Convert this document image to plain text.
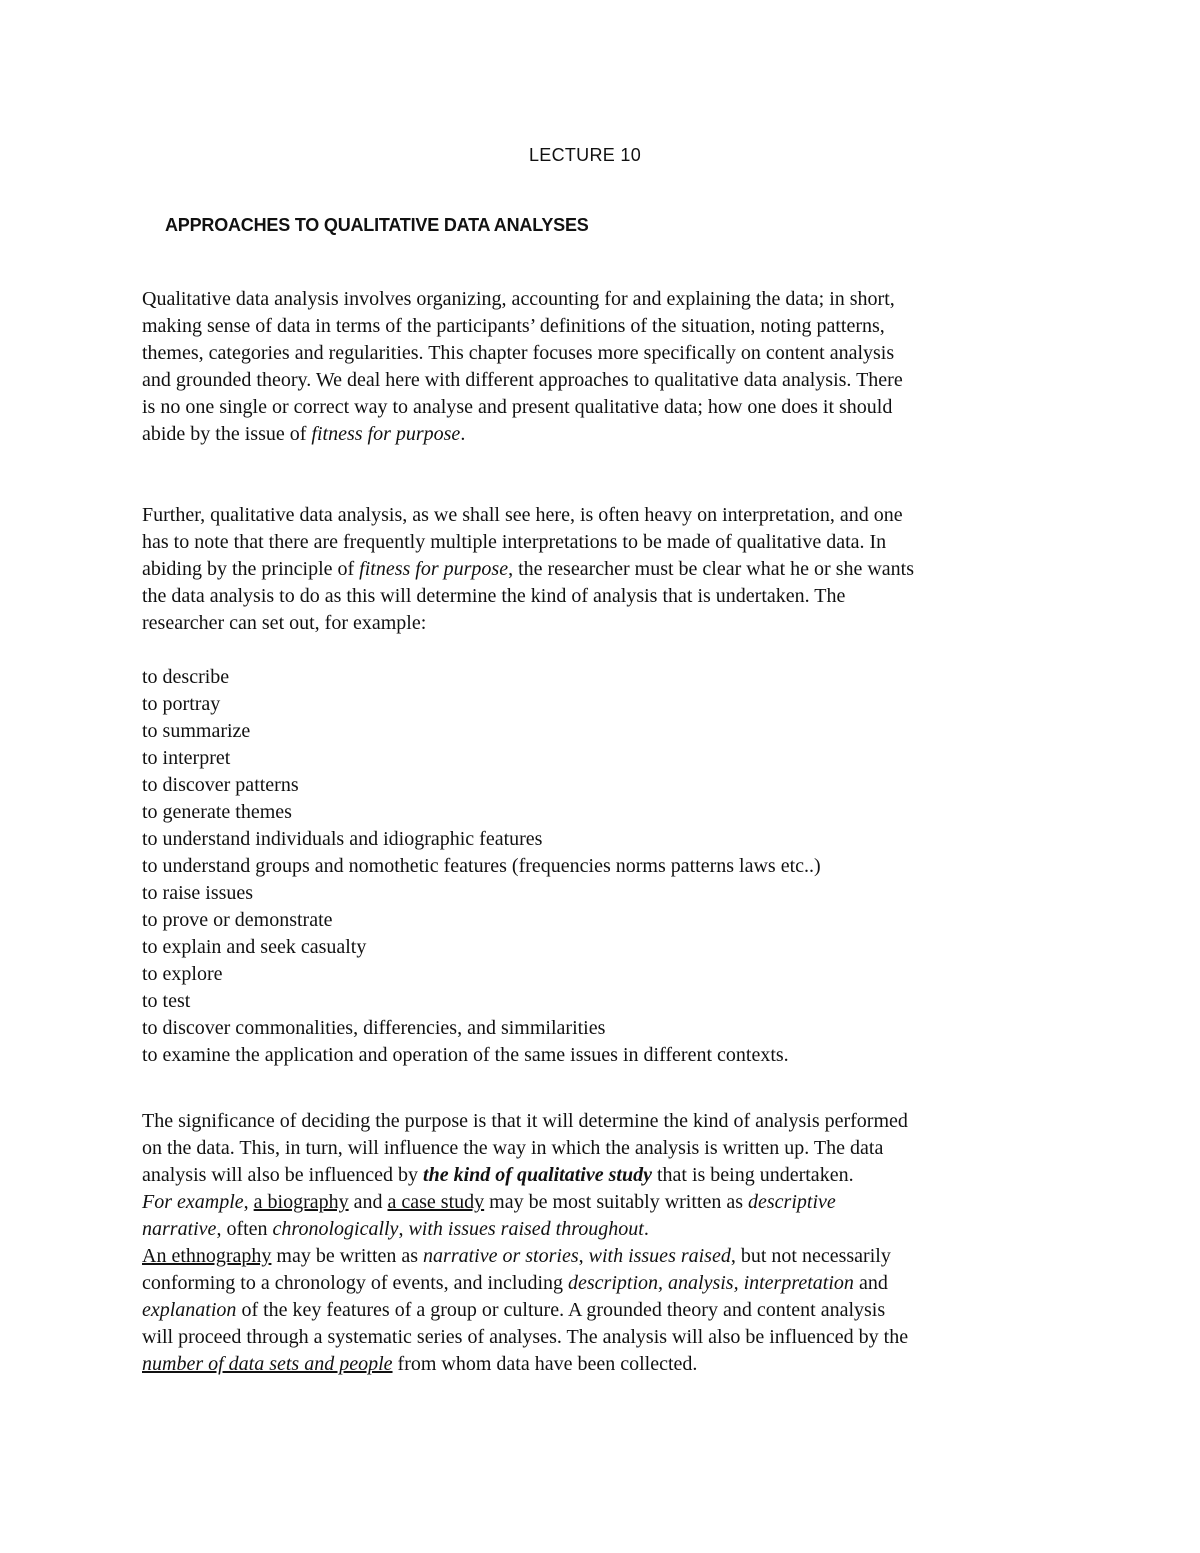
LECTURE 10
APPROACHES TO QUALITATIVE DATA ANALYSES

Qualitative data analysis involves organizing, accounting for and explaining the data; in short,
making sense of data in terms of the participants’ definitions of the situation, noting patterns,
themes, categories and regularities. This chapter focuses more specifically on content analysis
and grounded theory. We deal here with different approaches to qualitative data analysis. There
is no one single or correct way to analyse and present qualitative data; how one does it should
abide by the issue of fitness for purpose.

Further, qualitative data analysis, as we shall see here, is often heavy on interpretation, and one
has to note that there are frequently multiple interpretations to be made of qualitative data. In
abiding by the principle of fitness for purpose, the researcher must be clear what he or she wants
the data analysis to do as this will determine the kind of analysis that is undertaken. The
researcher can set out, for example:

to describe
to portray
to summarize
to interpret
to discover patterns
to generate themes
to understand individuals and idiographic features
to understand groups and nomothetic features (frequencies norms patterns laws etc..)
to raise issues
to prove or demonstrate
to explain and seek casualty
to explore
to test
to discover commonalities, differencies, and simmilarities
to examine the application and operation of the same issues in different contexts.

The significance of deciding the purpose is that it will determine the kind of analysis performed
on the data. This, in turn, will influence the way in which the analysis is written up. The data
analysis will also be influenced by the kind of qualitative study that is being undertaken.
For example, a biography and a case study may be most suitably written as descriptive
narrative, often chronologically, with issues raised throughout.
An ethnography may be written as narrative or stories, with issues raised, but not necessarily
conforming to a chronology of events, and including description, analysis, interpretation and
explanation of the key features of a group or culture. A grounded theory and content analysis
will proceed through a systematic series of analyses. The analysis will also be influenced by the
number of data sets and people from whom data have been collected.
